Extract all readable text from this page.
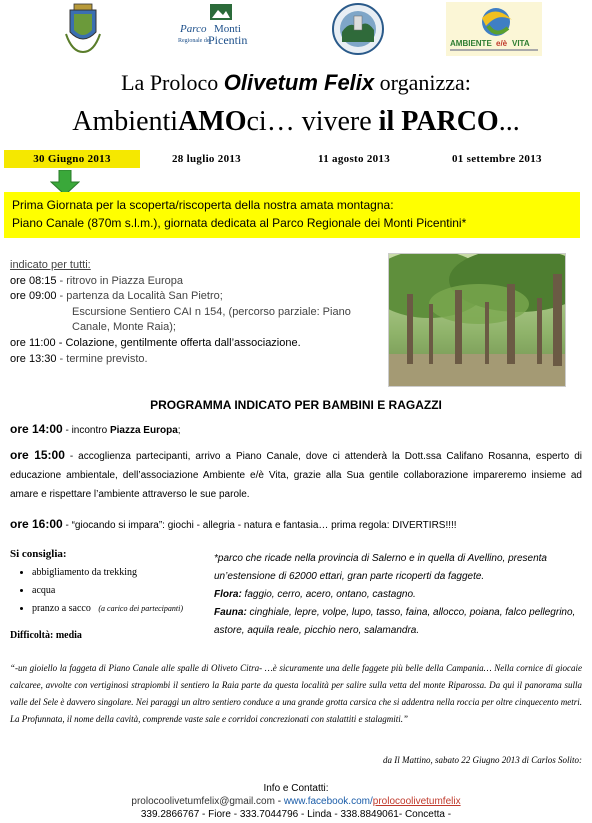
Parco Monti
Regionale dei
Picentini	AMBIENTE e/è VITA
La Proloco Olivetum Felix organizza:
AmbientiAMOci… vivere il PARCO...
30 Giugno 2013	28 luglio 2013	11 agosto 2013	01 settembre 2013
Prima Giornata per la scoperta/riscoperta della nostra amata montagna:
Piano Canale (870m s.l.m.), giornata dedicata al Parco Regionale dei Monti Picentini*
indicato per tutti:
ore 08:15 - ritrovo in Piazza Europa
ore 09:00 - partenza da Località San Pietro;
Escursione Sentiero CAI n 154, (percorso parziale: Piano
Canale, Monte Raia);
ore 11:00 - Colazione, gentilmente offerta dall’associazione.
ore 13:30 - termine previsto.
PROGRAMMA INDICATO PER BAMBINI E RAGAZZI
ore 14:00 - incontro Piazza Europa;
ore 15:00 - accoglienza partecipanti, arrivo a Piano Canale, dove ci attenderà la Dott.ssa Califano Rosanna, esperto di educazione ambientale, dell’associazione Ambiente e/è Vita, grazie alla Sua gentile collaborazione impareremo insieme ad amare e rispettare l’ambiente attraverso le sue parole.
ore 16:00 - “giocando si impara”: giochi - allegria - natura e fantasia… prima regola: DIVERTIRS!!!!
Si consiglia:
• abbigliamento da trekking
• acqua
• pranzo a sacco (a carico dei partecipanti)
Difficoltà: media
*parco che ricade nella provincia di Salerno e in quella di Avellino, presenta un’estensione di 62000 ettari, gran parte ricoperti da faggete.
Flora: faggio, cerro, acero, ontano, castagno.
Fauna: cinghiale, lepre, volpe, lupo, tasso, faina, allocco, poiana, falco pellegrino, astore, aquila reale, picchio nero, salamandra.
“-un gioiello la faggeta di Piano Canale alle spalle di Oliveto Citra- …è sicuramente una delle faggete più belle della Campania… Nella cornice di giocaie calcaree, avvolte con vertiginosi strapiombi il sentiero la Raia parte da questa località per salire sulla vetta del monte Riparossa. Da qui il panorama sulla valle del Sele è davvero singolare. Nei paraggi un altro sentiero conduce a una grande grotta carsica che si addentra nella roccia per oltre cinquecento metri. La Profunnata, il nome della cavità, comprende vaste sale e corridoi concrezionati con stalattiti e stalagmiti.”
da Il Mattino, sabato 22 Giugno 2013 di Carlos Solito:
Info e Contatti:
prolocoolivetumfelix@gmail.com - www.facebook.com/prolocoolivetumfelix
339.2866767 - Fiore - 333.7044796 - Linda - 338.8849061- Concetta -
